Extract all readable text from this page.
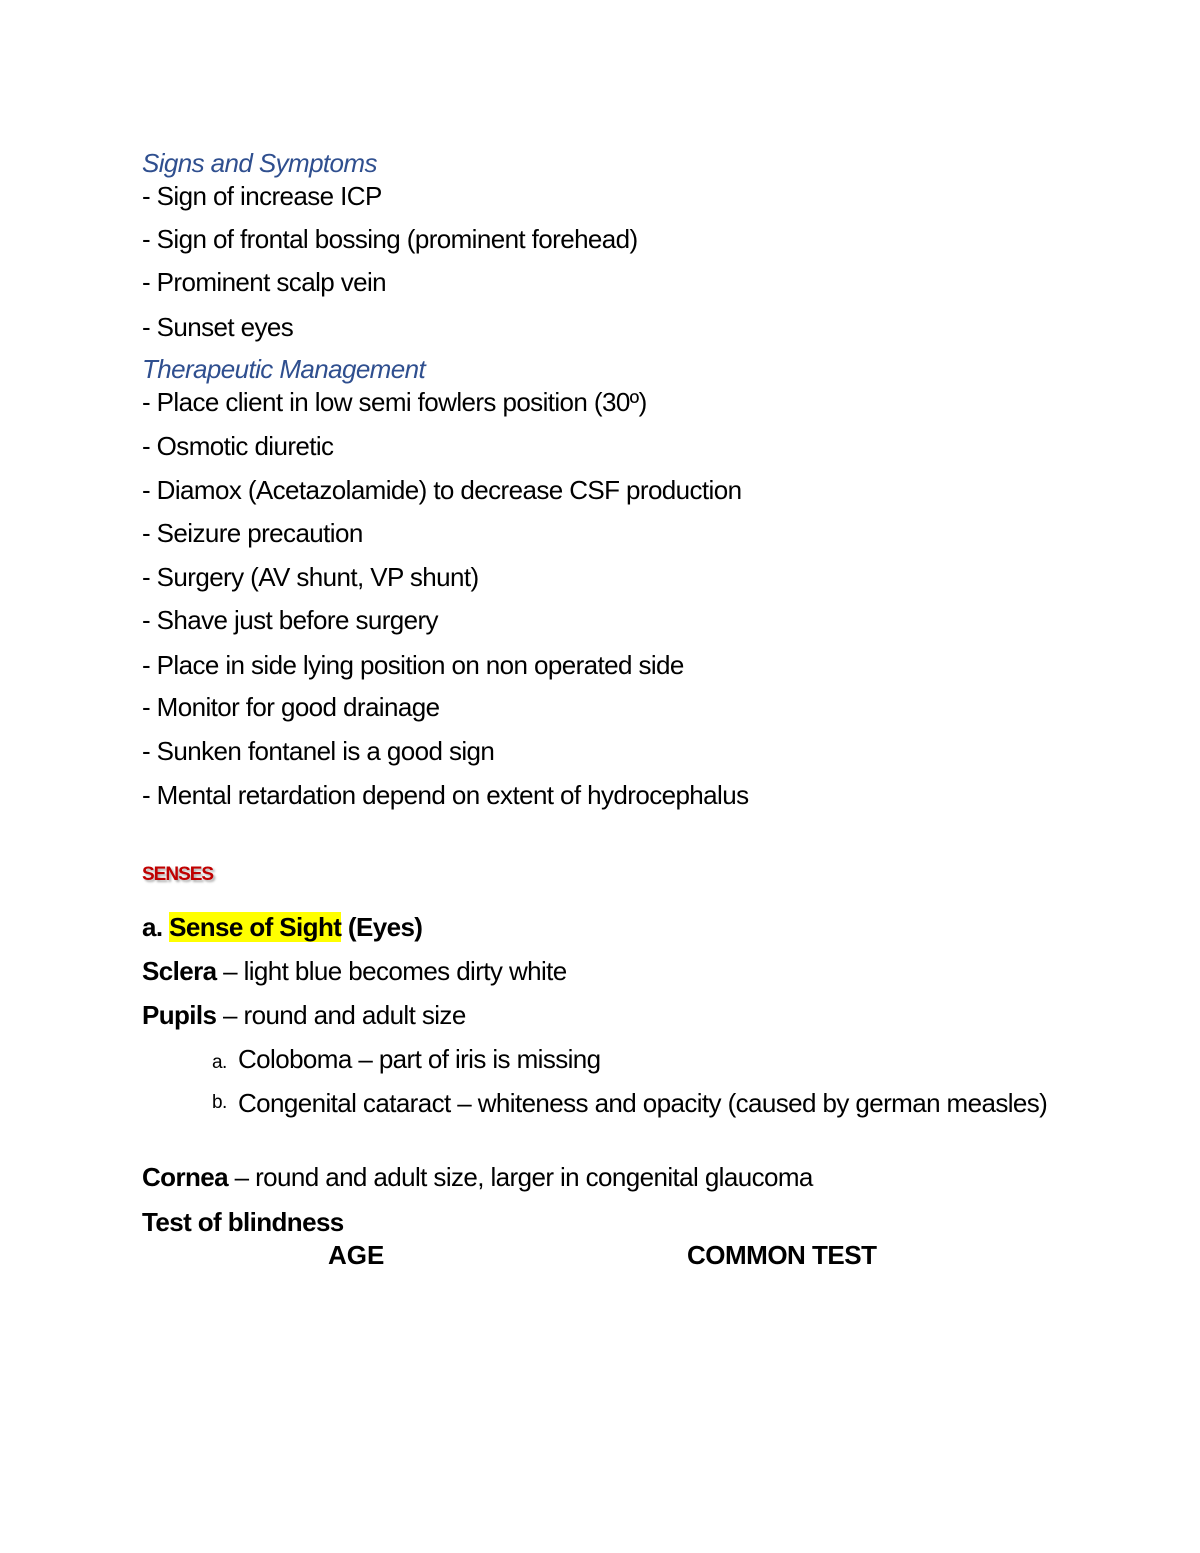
Signs and Symptoms
- Sign of increase ICP
- Sign of frontal bossing (prominent forehead)
- Prominent scalp vein
- Sunset eyes
Therapeutic Management
- Place client in low semi fowlers position (30º)
- Osmotic diuretic
- Diamox (Acetazolamide) to decrease CSF production
- Seizure precaution
- Surgery (AV shunt, VP shunt)
- Shave just before surgery
- Place in side lying position on non operated side
- Monitor for good drainage
- Sunken fontanel is a good sign
- Mental retardation depend on extent of hydrocephalus
SENSES
a. Sense of Sight (Eyes)
Sclera – light blue becomes dirty white
Pupils – round and adult size
a. Coloboma – part of iris is missing
b. Congenital cataract – whiteness and opacity (caused by german measles)
Cornea – round and adult size, larger in congenital glaucoma
Test of blindness
AGE	COMMON TEST
